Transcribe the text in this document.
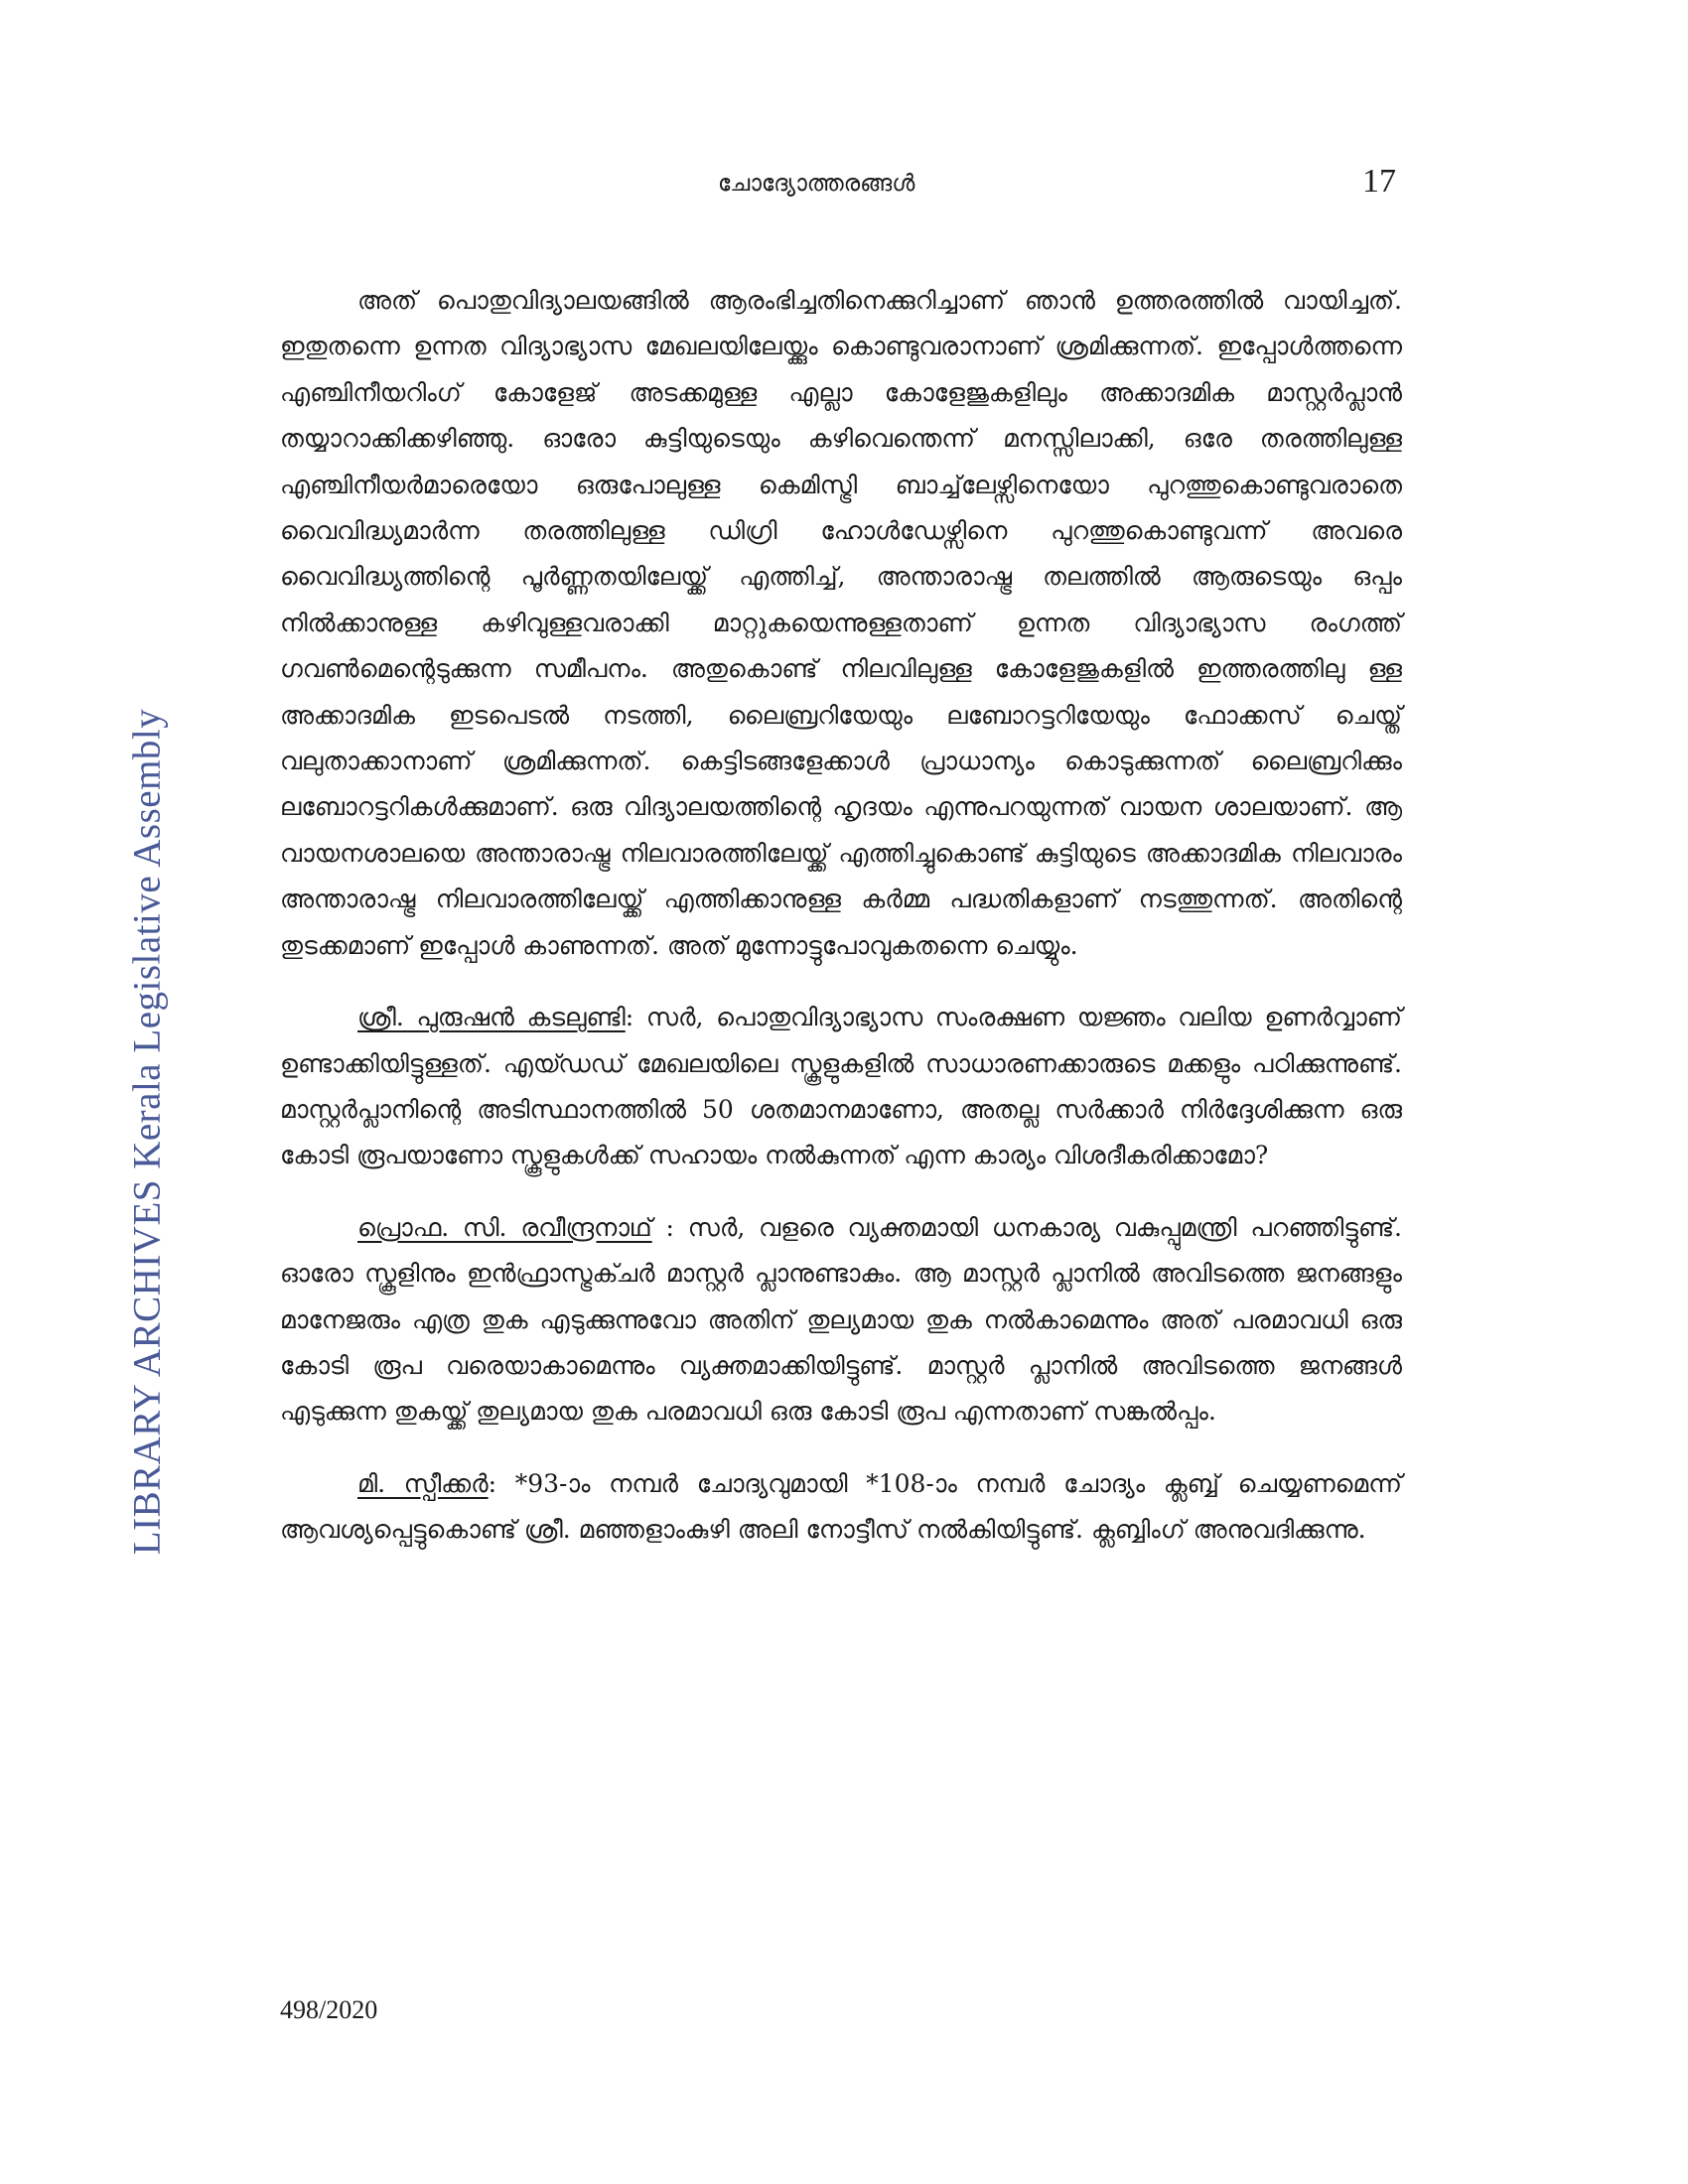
LIBRARY ARCHIVES Kerala Legislative Assembly
ചോദ്യോത്തരങ്ങൾ	17

അത് പൊതുവിദ്യാലയങ്ങിൽ ആരംഭിച്ചതിനെക്കുറിച്ചാണ് ഞാൻ ഉത്തരത്തിൽ വായിച്ചത്. ഇതുതന്നെ ഉന്നത വിദ്യാഭ്യാസ മേഖലയിലേയ്ക്കും കൊണ്ടുവരാനാണ് ശ്രമിക്കുന്നത്. ഇപ്പോൾത്തന്നെ എഞ്ചിനീയറിംഗ് കോളേജ് അടക്കമുള്ള എല്ലാ കോളേജുകളിലും അക്കാദമിക മാസ്റ്റർപ്ലാൻ തയ്യാറാക്കിക്കഴിഞ്ഞു. ഓരോ കുട്ടിയുടെയും കഴിവെന്തെന്ന് മനസ്സിലാക്കി, ഒരേ തരത്തിലുള്ള എഞ്ചിനീയർമാരെയോ ഒരുപോലുള്ള കെമിസ്ട്രി ബാച്ച്‌ലേഴ്സിനെയോ പുറത്തുകൊണ്ടുവരാതെ വൈവിദ്ധ്യമാർന്ന തരത്തിലുള്ള ഡിഗ്രി ഹോൾഡേഴ്സിനെ പുറത്തുകൊണ്ടുവന്ന് അവരെ വൈവിദ്ധ്യത്തിന്റെ പൂർണ്ണതയിലേയ്ക്ക് എത്തിച്ച്, അന്താരാഷ്ട്ര തലത്തിൽ ആരുടെയും ഒപ്പം നിൽക്കാനുള്ള കഴിവുള്ളവരാക്കി മാറ്റുകയെന്നുള്ളതാണ് ഉന്നത വിദ്യാഭ്യാസ രംഗത്ത് ഗവൺമെന്റെടുക്കുന്ന സമീപനം. അതുകൊണ്ട് നിലവിലുള്ള കോളേജുകളിൽ ഇത്തരത്തിലു ള്ള അക്കാദമിക ഇടപെടൽ നടത്തി, ലൈബ്രറിയേയും ലബോറട്ടറിയേയും ഫോക്കസ് ചെയ്ത് വലുതാക്കാനാണ് ശ്രമിക്കുന്നത്. കെട്ടിടങ്ങളേക്കാൾ പ്രാധാന്യം കൊടുക്കുന്നത് ലൈബ്രറിക്കും ലബോറട്ടറികൾക്കുമാണ്. ഒരു വിദ്യാലയത്തിന്റെ ഹൃദയം എന്നുപറയുന്നത് വായന ശാലയാണ്. ആ വായനശാലയെ അന്താരാഷ്ട്ര നിലവാരത്തിലേയ്ക്ക് എത്തിച്ചുകൊണ്ട് കുട്ടിയുടെ അക്കാദമിക നിലവാരം അന്താരാഷ്ട്ര നിലവാരത്തിലേയ്ക്ക് എത്തിക്കാനുള്ള കർമ്മ പദ്ധതികളാണ് നടത്തുന്നത്. അതിന്റെ തുടക്കമാണ് ഇപ്പോൾ കാണുന്നത്. അത് മുന്നോട്ടുപോവുകതന്നെ ചെയ്യും.

ശ്രീ. പുരുഷൻ കടലുണ്ടി: സർ, പൊതുവിദ്യാഭ്യാസ സംരക്ഷണ യജ്ഞം വലിയ ഉണർവ്വാണ് ഉണ്ടാക്കിയിട്ടുള്ളത്. എയ്ഡഡ് മേഖലയിലെ സ്കൂളുകളിൽ സാധാരണക്കാരുടെ മക്കളും പഠിക്കുന്നുണ്ട്. മാസ്റ്റർപ്ലാനിന്റെ അടിസ്ഥാനത്തിൽ 50 ശതമാനമാണോ, അതല്ല സർക്കാർ നിർദ്ദേശിക്കുന്ന ഒരു കോടി രൂപയാണോ സ്കൂളുകൾക്ക് സഹായം നൽകുന്നത് എന്ന കാര്യം വിശദീകരിക്കാമോ?

പ്രൊഫ. സി. രവീന്ദ്രനാഥ് : സർ, വളരെ വ്യക്തമായി ധനകാര്യ വകുപ്പുമന്ത്രി പറഞ്ഞിട്ടുണ്ട്. ഓരോ സ്കൂളിനും ഇൻഫ്രാസ്ട്രക്ചർ മാസ്റ്റർ പ്ലാനുണ്ടാകും. ആ മാസ്റ്റർ പ്ലാനിൽ അവിടത്തെ ജനങ്ങളും മാനേജരും എത്ര തുക എടുക്കുന്നുവോ അതിന് തുല്യമായ തുക നൽകാമെന്നും അത് പരമാവധി ഒരു കോടി രൂപ വരെയാകാമെന്നും വ്യക്തമാക്കിയിട്ടുണ്ട്. മാസ്റ്റർ പ്ലാനിൽ അവിടത്തെ ജനങ്ങൾ എടുക്കുന്ന തുകയ്ക്ക് തുല്യമായ തുക പരമാവധി ഒരു കോടി രൂപ എന്നതാണ് സങ്കൽപ്പം.

മി. സ്പീക്കർ: *93-ാം നമ്പർ ചോദ്യവുമായി *108-ാം നമ്പർ ചോദ്യം ക്ലബ്ബ് ചെയ്യണമെന്ന് ആവശ്യപ്പെട്ടുകൊണ്ട് ശ്രീ. മഞ്ഞളാംകുഴി അലി നോട്ടീസ് നൽകിയിട്ടുണ്ട്. ക്ലബ്ബിംഗ് അനുവദിക്കുന്നു.

498/2020
